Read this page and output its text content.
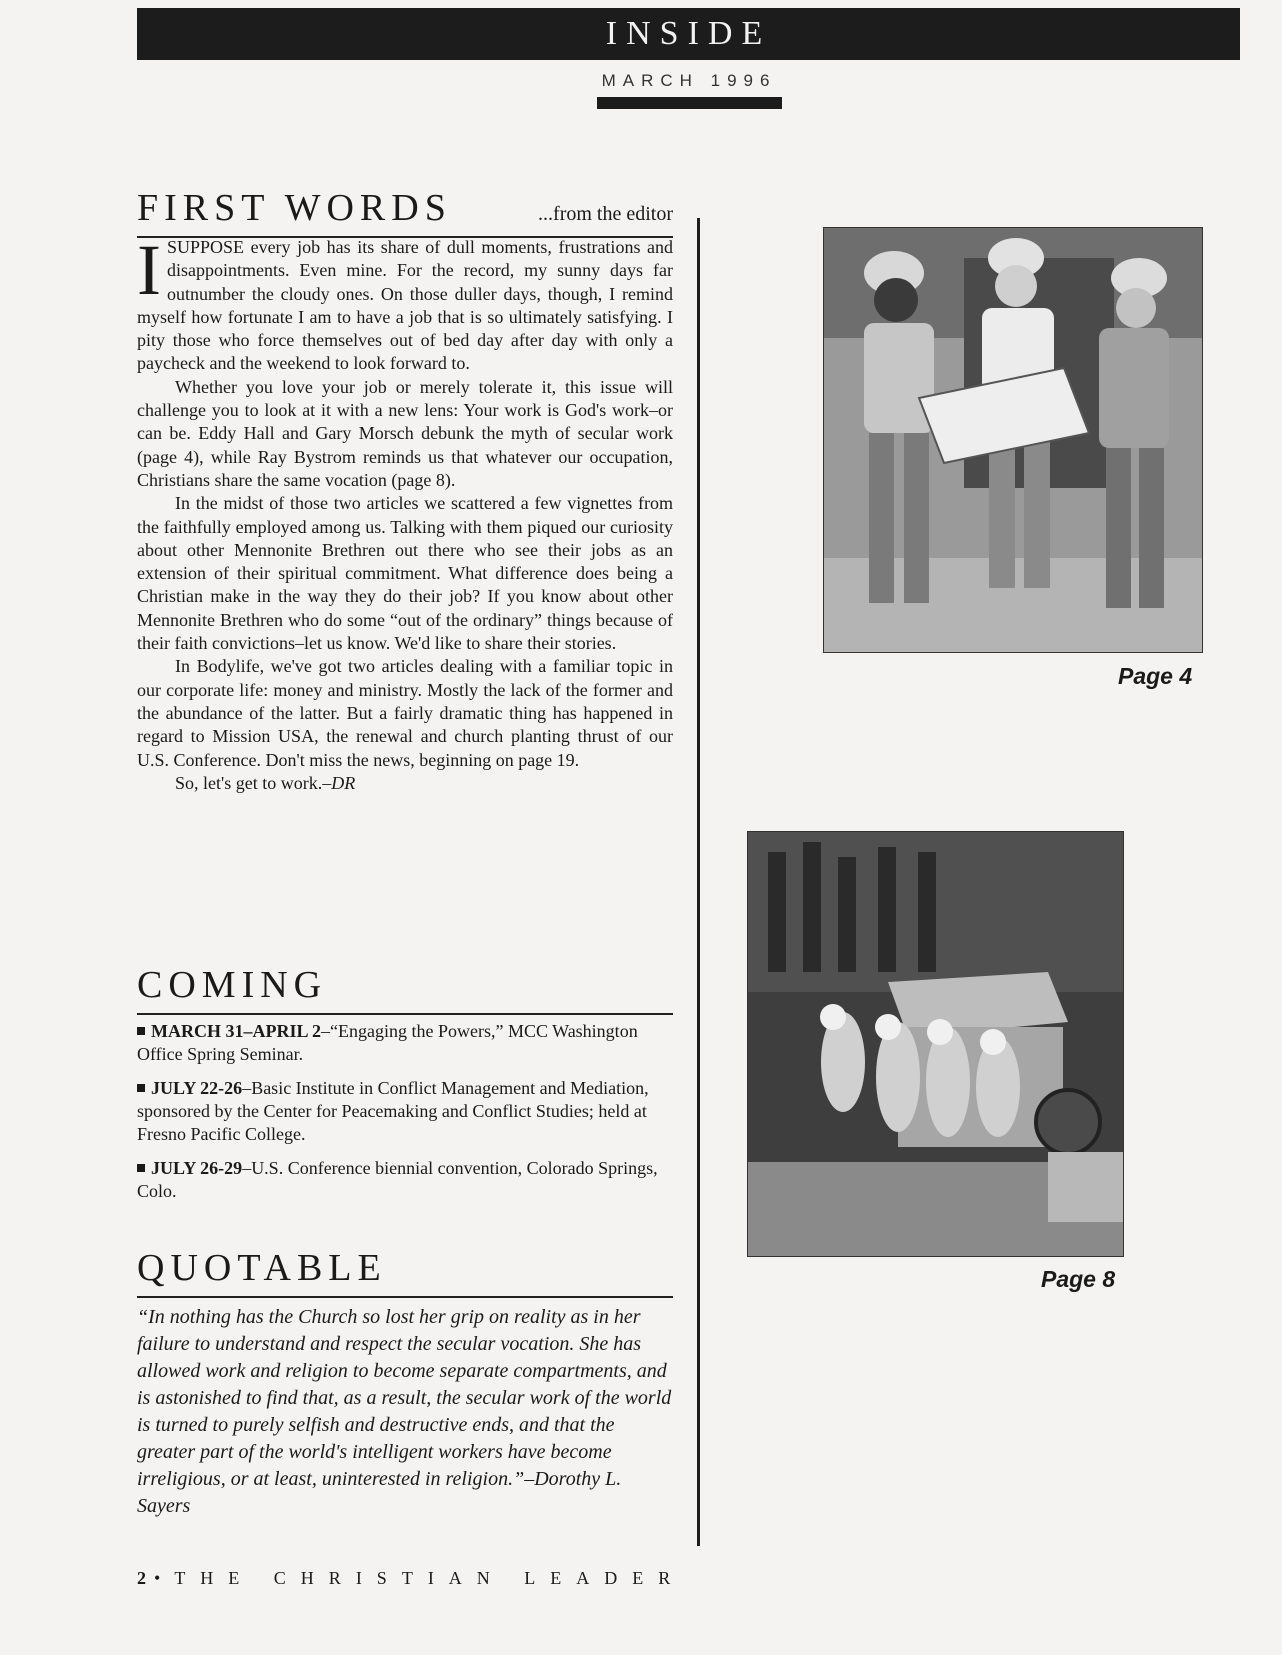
INSIDE
MARCH 1996
FIRST WORDS	...from the editor

I SUPPOSE every job has its share of dull moments, frustrations and disappointments. Even mine. For the record, my sunny days far outnumber the cloudy ones. On those duller days, though, I remind myself how fortunate I am to have a job that is so ultimately satisfying. I pity those who force themselves out of bed day after day with only a paycheck and the weekend to look forward to.

Whether you love your job or merely tolerate it, this issue will challenge you to look at it with a new lens: Your work is God's work–or can be. Eddy Hall and Gary Morsch debunk the myth of secular work (page 4), while Ray Bystrom reminds us that whatever our occupation, Christians share the same vocation (page 8).

In the midst of those two articles we scattered a few vignettes from the faithfully employed among us. Talking with them piqued our curiosity about other Mennonite Brethren out there who see their jobs as an extension of their spiritual commitment. What difference does being a Christian make in the way they do their job? If you know about other Mennonite Brethren who do some “out of the ordinary” things because of their faith convictions–let us know. We'd like to share their stories.

In Bodylife, we've got two articles dealing with a familiar topic in our corporate life: money and ministry. Mostly the lack of the former and the abundance of the latter. But a fairly dramatic thing has happened in regard to Mission USA, the renewal and church planting thrust of our U.S. Conference. Don't miss the news, beginning on page 19.

So, let's get to work.–DR

COMING

MARCH 31–APRIL 2–“Engaging the Powers,” MCC Washington Office Spring Seminar.

JULY 22-26–Basic Institute in Conflict Management and Mediation, sponsored by the Center for Peacemaking and Conflict Studies; held at Fresno Pacific College.

JULY 26-29–U.S. Conference biennial convention, Colorado Springs, Colo.

QUOTABLE

“In nothing has the Church so lost her grip on reality as in her failure to understand and respect the secular vocation. She has allowed work and religion to become separate compartments, and is astonished to find that, as a result, the secular work of the world is turned to purely selfish and destructive ends, and that the greater part of the world's intelligent workers have become irreligious, or at least, uninterested in religion.”–Dorothy L. Sayers

2 • THE CHRISTIAN LEADER
Page 4
Page 8
